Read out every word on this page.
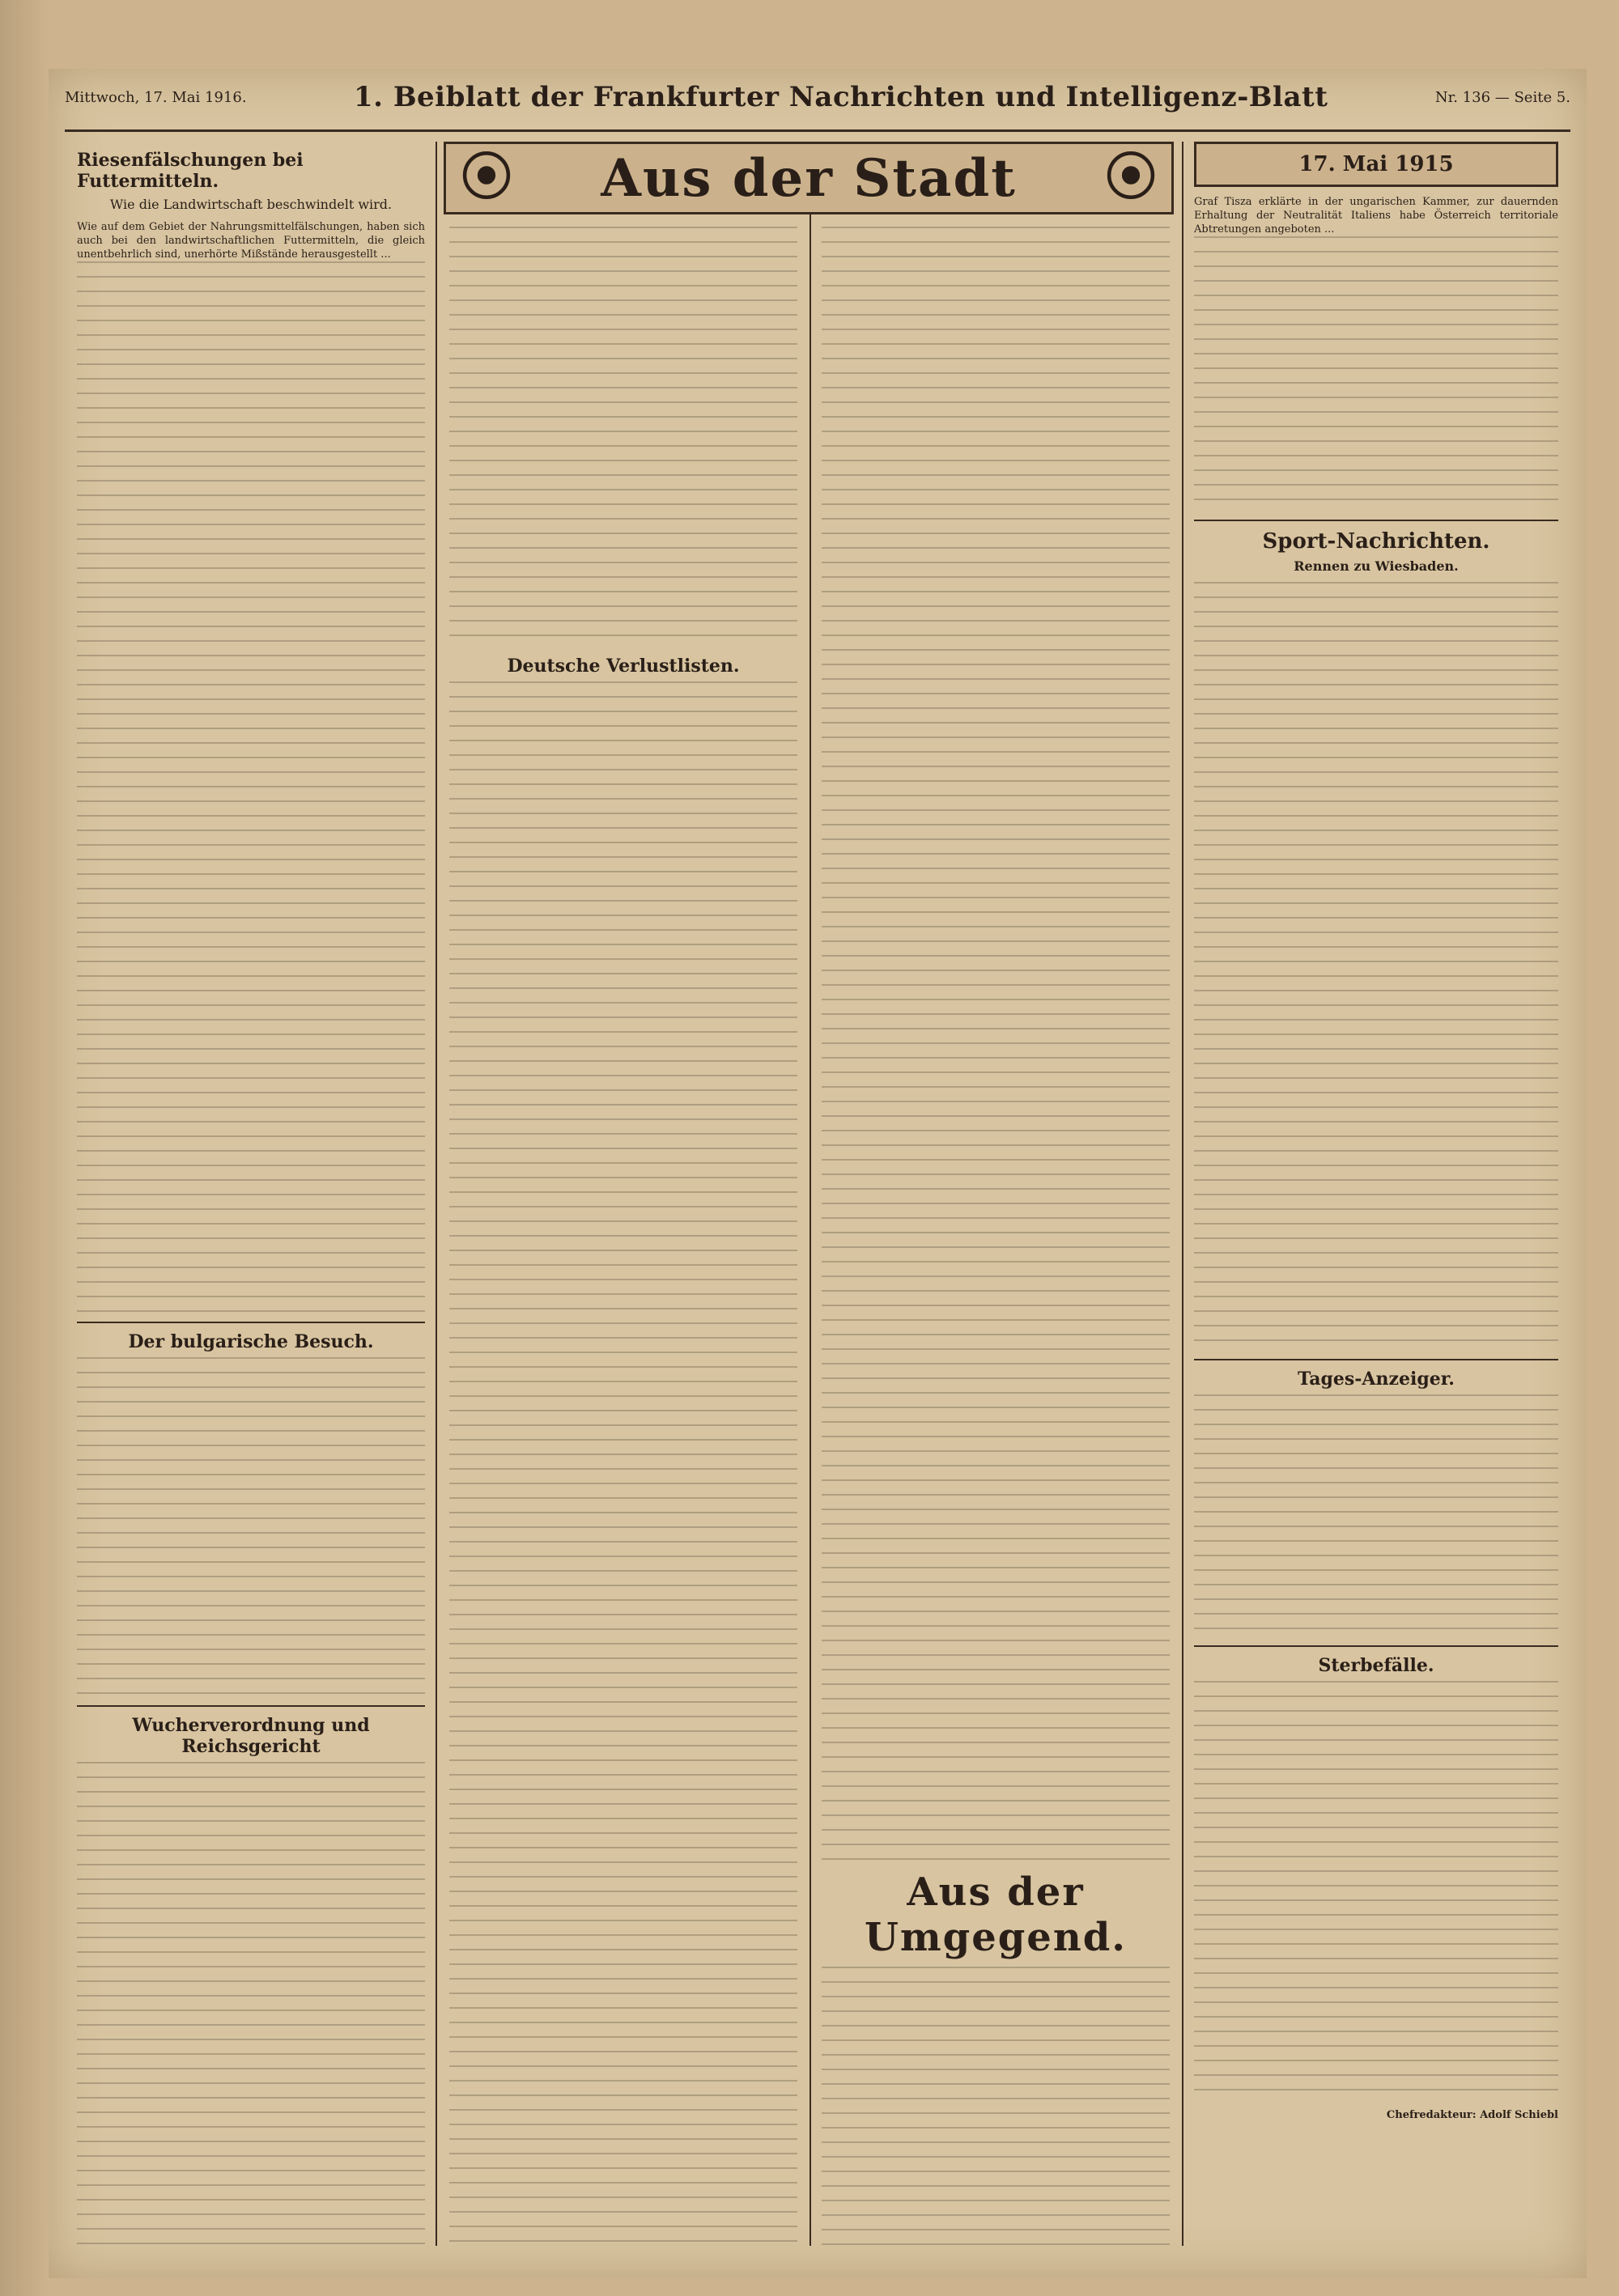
Mittwoch, 17. Mai 1916.	1. Beiblatt der Frankfurter Nachrichten und Intelligenz-Blatt	Nr. 136 — Seite 5.
⦿ Aus der Stadt ⦿
Riesenfälschungen bei Futtermitteln.
Wie die Landwirtschaft beschwindelt wird.
Wie auf dem Gebiet der Nahrungsmittelfälschungen, haben sich auch bei den landwirtschaftlichen Futtermitteln, die gleich unentbehrlich sind, unerhörte Mißstände herausgestellt ...
Der bulgarische Besuch.
Wucherverordnung und Reichsgericht
Deutsche Verlustlisten.
Aus der Umgegend.
17. Mai 1915
Graf Tisza erklärte in der ungarischen Kammer, zur dauernden Erhaltung der Neutralität Italiens habe Österreich territoriale Abtretungen angeboten ...
Sport-Nachrichten.
Rennen zu Wiesbaden.
Tages-Anzeiger.
Sterbefälle.
Chefredakteur: Adolf Schiebl
